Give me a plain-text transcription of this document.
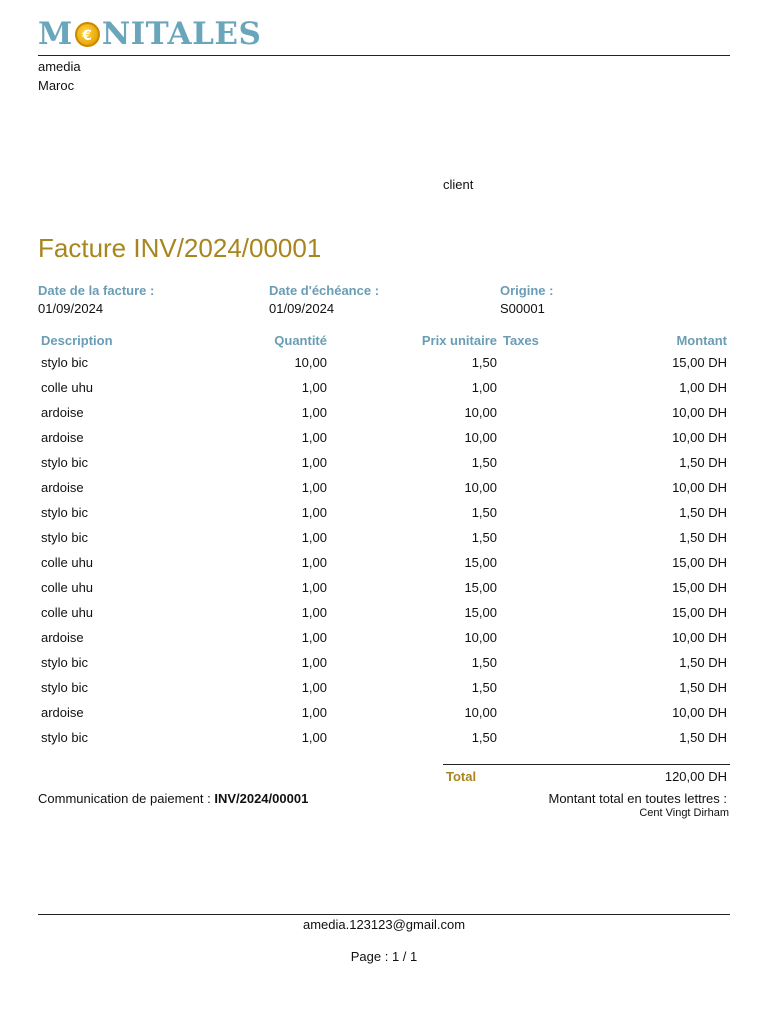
M € NITALES
amedia
Maroc
client
Facture INV/2024/00001
Date de la facture :
01/09/2024
Date d'échéance :
01/09/2024
Origine :
S00001
Description	Quantité	Prix unitaire	Taxes	Montant
stylo bic	10,00	1,50		15,00 DH
colle uhu	1,00	1,00		1,00 DH
ardoise	1,00	10,00		10,00 DH
ardoise	1,00	10,00		10,00 DH
stylo bic	1,00	1,50		1,50 DH
ardoise	1,00	10,00		10,00 DH
stylo bic	1,00	1,50		1,50 DH
stylo bic	1,00	1,50		1,50 DH
colle uhu	1,00	15,00		15,00 DH
colle uhu	1,00	15,00		15,00 DH
colle uhu	1,00	15,00		15,00 DH
ardoise	1,00	10,00		10,00 DH
stylo bic	1,00	1,50		1,50 DH
stylo bic	1,00	1,50		1,50 DH
ardoise	1,00	10,00		10,00 DH
stylo bic	1,00	1,50		1,50 DH
Total	120,00 DH
Communication de paiement : INV/2024/00001	Montant total en toutes lettres :
Cent Vingt Dirham
amedia.123123@gmail.com
Page : 1 / 1
